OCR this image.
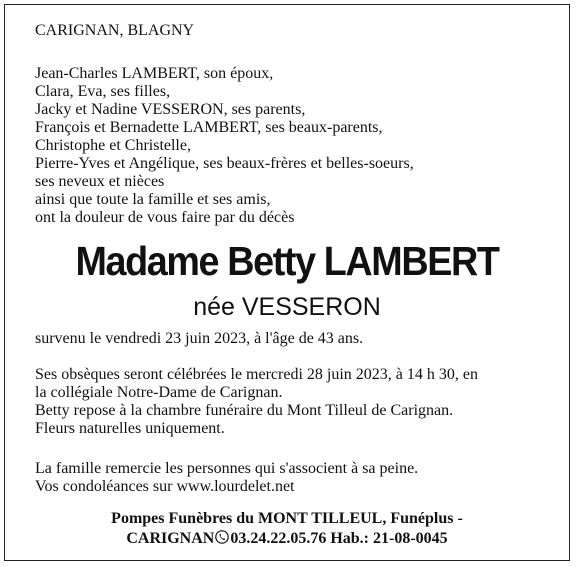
CARIGNAN, BLAGNY
Jean-Charles LAMBERT, son époux,
Clara, Eva, ses filles,
Jacky et Nadine VESSERON, ses parents,
François et Bernadette LAMBERT, ses beaux-parents,
Christophe et Christelle,
Pierre-Yves et Angélique, ses beaux-frères et belles-soeurs,
ses neveux et nièces
ainsi que toute la famille et ses amis,
ont la douleur de vous faire par du décès
Madame Betty LAMBERT
née VESSERON
survenu le vendredi 23 juin 2023, à l'âge de 43 ans.
Ses obsèques seront célébrées le mercredi 28 juin 2023, à 14 h 30, en
la collégiale Notre-Dame de Carignan.
Betty repose à la chambre funéraire du Mont Tilleul de Carignan.
Fleurs naturelles uniquement.
La famille remercie les personnes qui s'associent à sa peine.
Vos condoléances sur www.lourdelet.net
Pompes Funèbres du MONT TILLEUL, Funéplus -
CARIGNAN 03.24.22.05.76 Hab.: 21-08-0045
